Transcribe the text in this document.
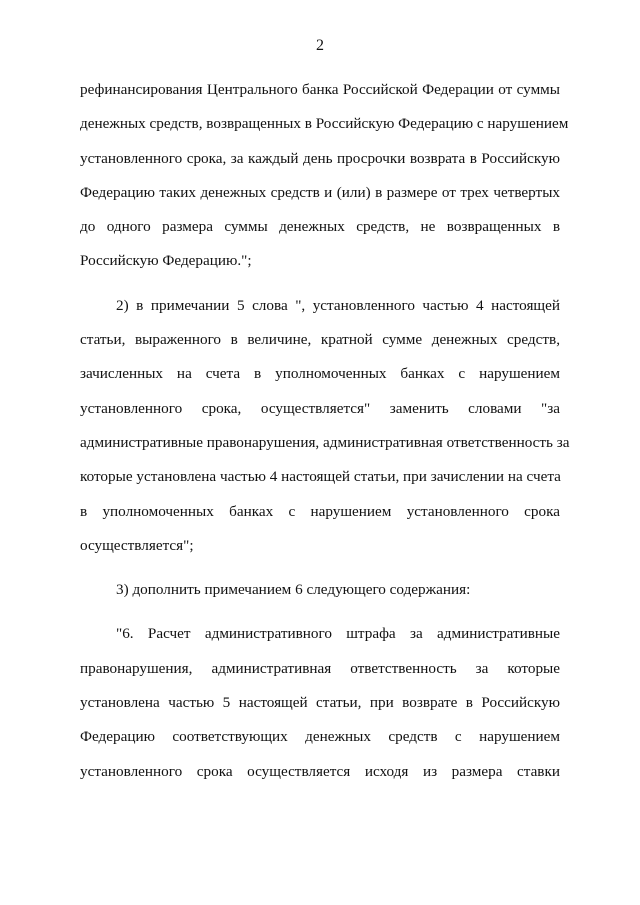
2
рефинансирования Центрального банка Российской Федерации от суммы
денежных средств, возвращенных в Российскую Федерацию с нарушением
установленного срока, за каждый день просрочки возврата в Российскую
Федерацию таких денежных средств и (или) в размере от трех четвертых
до одного размера суммы денежных средств, не возвращенных в
Российскую Федерацию.";
2) в примечании 5 слова ", установленного частью 4 настоящей
статьи, выраженного в величине, кратной сумме денежных средств,
зачисленных на счета в уполномоченных банках с нарушением
установленного срока, осуществляется" заменить словами "за
административные правонарушения, административная ответственность за
которые установлена частью 4 настоящей статьи, при зачислении на счета
в уполномоченных банках с нарушением установленного срока
осуществляется";
3) дополнить примечанием 6 следующего содержания:
"6. Расчет административного штрафа за административные
правонарушения, административная ответственность за которые
установлена частью 5 настоящей статьи, при возврате в Российскую
Федерацию соответствующих денежных средств с нарушением
установленного срока осуществляется исходя из размера ставки
